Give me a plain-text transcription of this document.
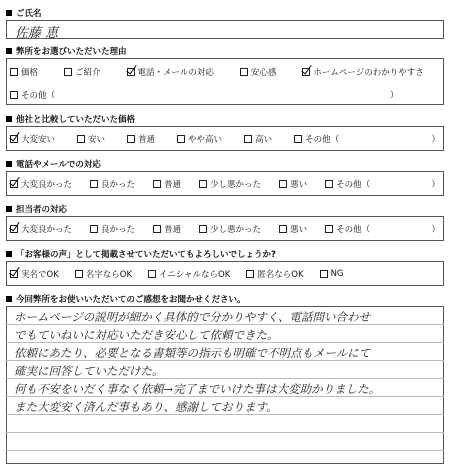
ご氏名
佐藤 恵
弊所をお選びいただいた理由
価格	ご紹介	電話・メールの対応	安心感	ホームページのわかりやすさ
その他（	）
他社と比較していただいた価格
大変安い	安い	普通	やや高い	高い	その他（	）
電話やメールでの対応
大変良かった	良かった	普通	少し悪かった	悪い	その他（	）
担当者の対応
大変良かった	良かった	普通	少し悪かった	悪い	その他（	）
「お客様の声」として掲載させていただいてもよろしいでしょうか?
実名でOK	名字ならOK	イニシャルならOK	匿名ならOK	NG
今回弊所をお使いいただいてのご感想をお聞かせください。
ホームページの説明が細かく具体的で分かりやすく、電話問い合わせ
でもていねいに対応いただき安心して依頼できた。
依頼にあたり、必要となる書類等の指示も明確で不明点もメールにて
確実に回答していただけた。
何も不安をいだく事なく依頼→完了までいけた事は大変助かりました。
また大変安く済んだ事もあり、感謝しております。
